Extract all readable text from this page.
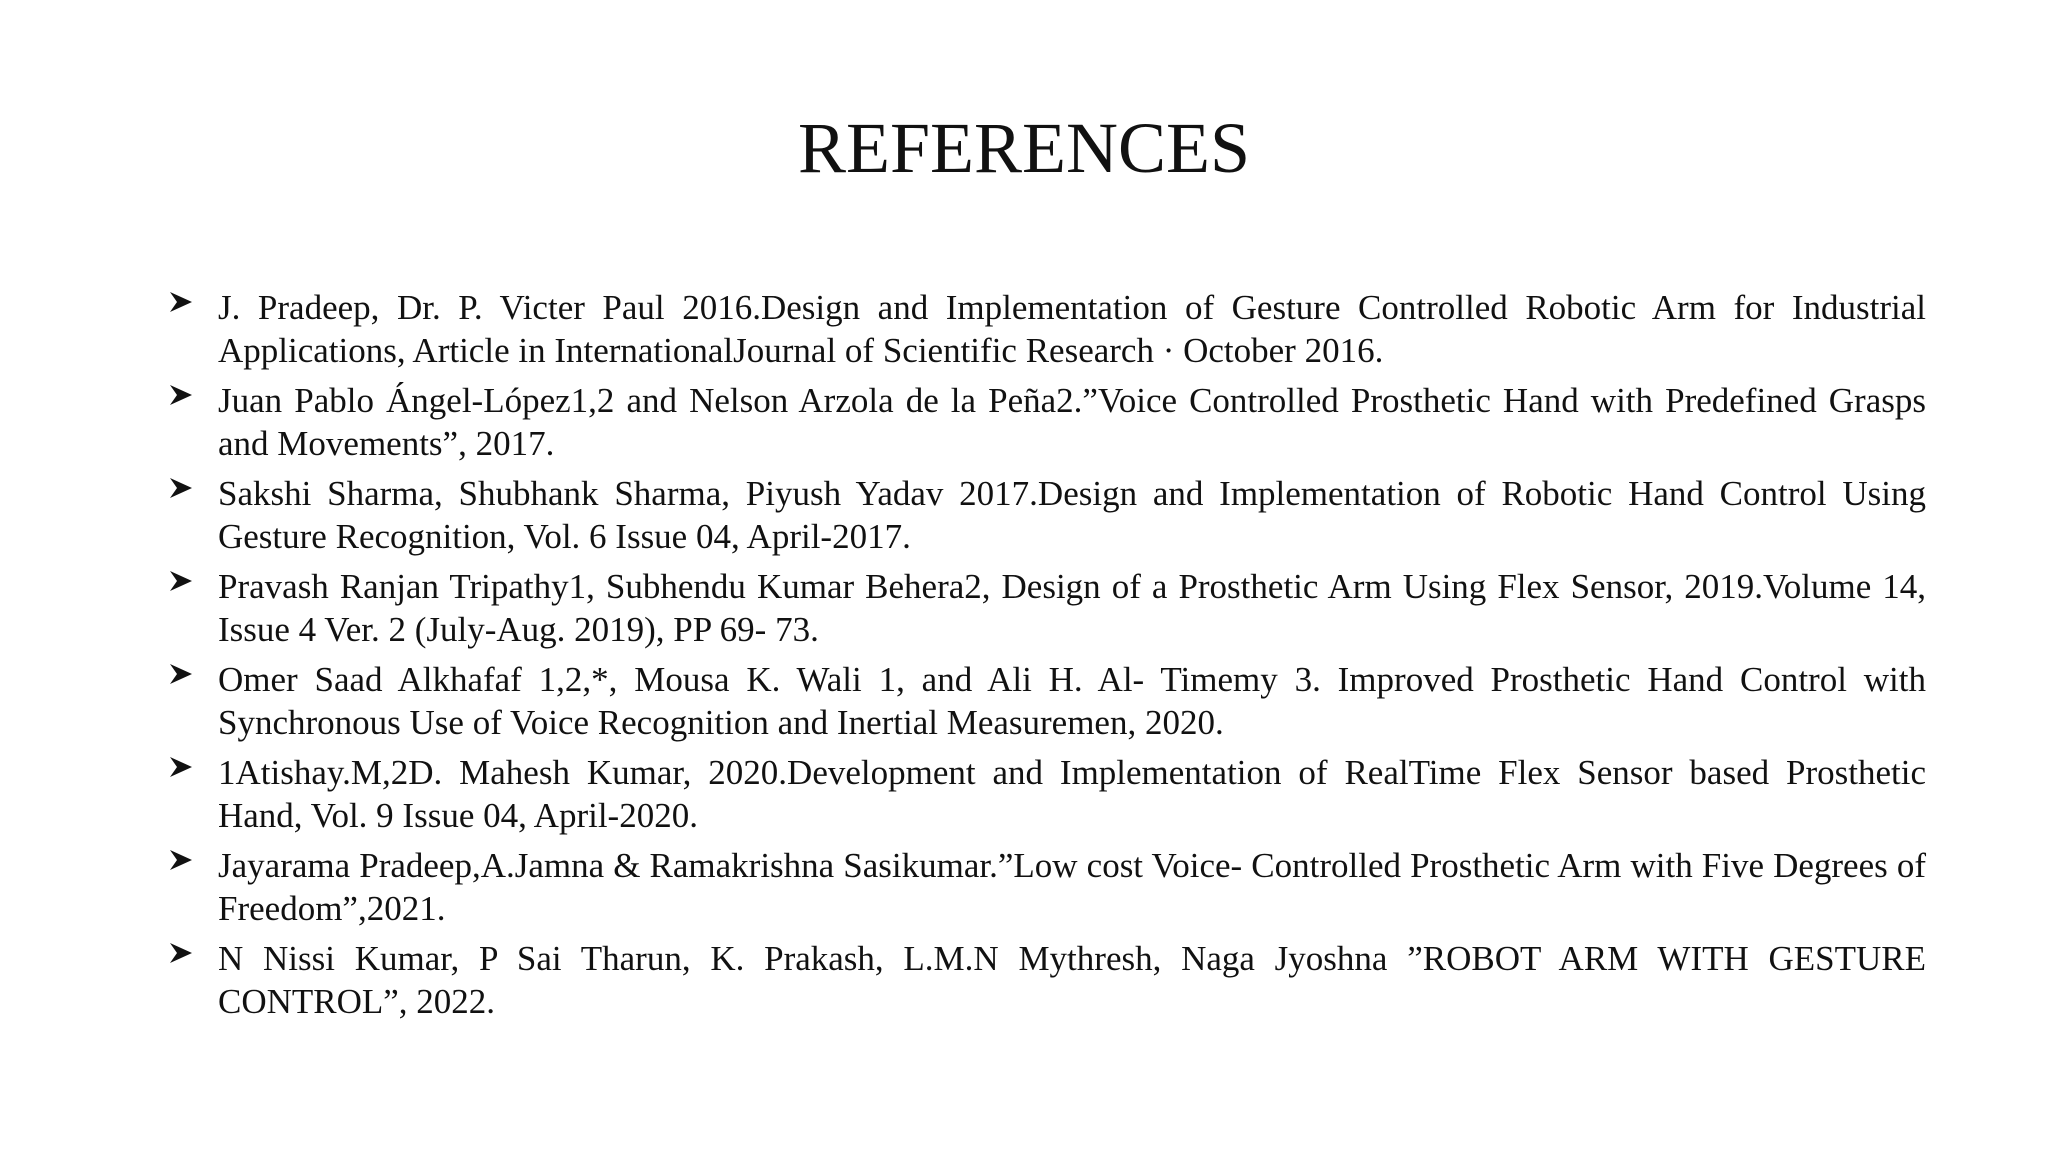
REFERENCES
J. Pradeep, Dr. P. Victer Paul 2016.Design and Implementation of Gesture Controlled Robotic Arm for Industrial Applications, Article in InternationalJournal of Scientific Research · October 2016.
Juan Pablo Ángel-López1,2 and Nelson Arzola de la Peña2.”Voice Controlled Prosthetic Hand with Predefined Grasps and Movements”, 2017.
Sakshi Sharma, Shubhank Sharma, Piyush Yadav 2017.Design and Implementation of Robotic Hand Control Using Gesture Recognition, Vol. 6 Issue 04, April-2017.
Pravash Ranjan Tripathy1, Subhendu Kumar Behera2, Design of a Prosthetic Arm Using Flex Sensor, 2019.Volume 14, Issue 4 Ver. 2 (July-Aug. 2019), PP 69- 73.
Omer Saad Alkhafaf 1,2,*, Mousa K. Wali 1, and Ali H. Al- Timemy 3. Improved Prosthetic Hand Control with Synchronous Use of Voice Recognition and Inertial Measuremen, 2020.
1Atishay.M,2D. Mahesh Kumar, 2020.Development and Implementation of RealTime Flex Sensor based Prosthetic Hand, Vol. 9 Issue 04, April-2020.
Jayarama Pradeep,A.Jamna & Ramakrishna Sasikumar.”Low cost Voice- Controlled Prosthetic Arm with Five Degrees of Freedom”,2021.
N Nissi Kumar, P Sai Tharun, K. Prakash, L.M.N Mythresh, Naga Jyoshna ”ROBOT ARM WITH GESTURE CONTROL”, 2022.
